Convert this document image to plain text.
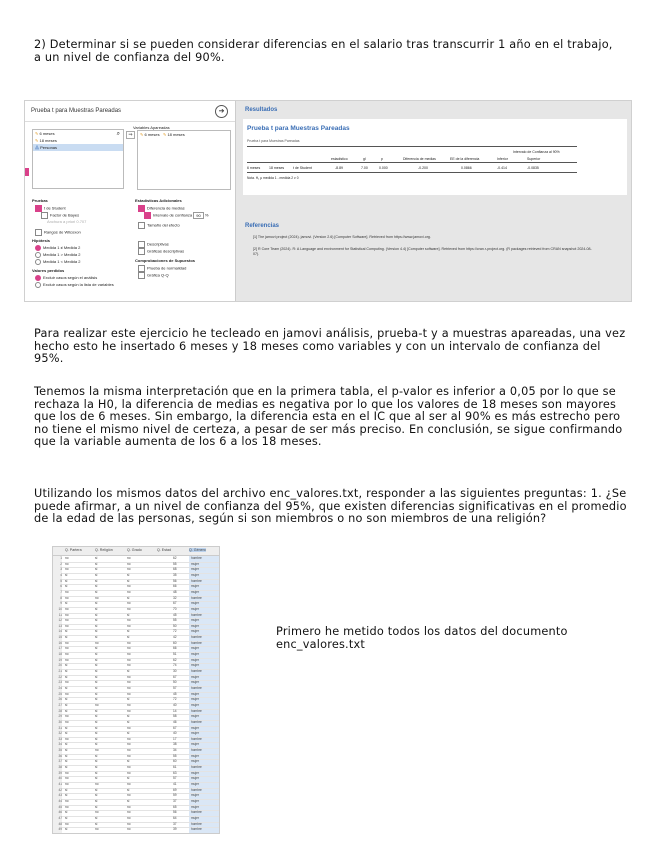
2) Determinar si se pueden considerar diferencias en el salario tras transcurrir 1 año en el trabajo, a un nivel de confianza del 90%.

Prueba t para Muestras Pareadas	➔
Variables Apareadas
✎ 6 meses
✎ 18 meses
⁂ Personas
⌕	⇒	✎ 6 meses ✎ 18 meses
Pruebas
t de Student
Factor de Bayes
Anchura a priori 0.707
Rangos de Wilcoxon
Hipótesis
Medida 1 ≠ Medida 2
Medida 1 > Medida 2
Medida 1 < Medida 2
Valores perdidos
Excluir casos según el análisis
Excluir casos según la lista de variables
Estadísticas Adicionales
Diferencia de medias
Intervalo de confianza 90 %
Tamaño del efecto
Descriptivas
Gráficas descriptivas
Comprobaciones de Supuestos
Prueba de normalidad
Gráfica Q-Q
Resultados
Prueba t para Muestras Pareadas
Prueba t para Muestras Pareadas
Intervalo de Confianza al 90%
estadístico	gl	p	Diferencia de medias	EE de la diferencia	Inferior	Superior
6 meses	18 meses	t de Student	-8.89	7.00	0.000	-0.200	0.0866	-0.414	-0.0835
Nota. H₁ μ medida 1 - medida 2 ≠ 0
Referencias
[1] The jamovi project (2024). jamovi. (Version 2.6) [Computer Software]. Retrieved from https://www.jamovi.org.
[2] R Core Team (2024). R: A Language and environment for Statistical Computing. (Version 4.4) [Computer software]. Retrieved from https://cran.r-project.org. (R packages retrieved from CRAN snapshot 2024-08-07).

Para realizar este ejercicio he tecleado en jamovi análisis, prueba-t y a muestras apareadas, una vez hecho esto he insertado 6 meses y 18 meses como variables y con un intervalo de confianza del 95%.

Tenemos la misma interpretación que en la primera tabla, el p-valor es inferior a 0,05 por lo que se rechaza la H0, la diferencia de medias es negativa por lo que los valores de 18 meses son mayores que los de 6 meses. Sin embargo, la diferencia esta en el IC que al ser al 90% es más estrecho pero no tiene el mismo nivel de certeza, a pesar de ser más preciso. En conclusión, se sigue confirmando que la variable aumenta de los 6 a los 18 meses.

Utilizando los mismos datos del archivo enc_valores.txt, responder a las siguientes preguntas: 1. ¿Se puede afirmar, a un nivel de confianza del 95%, que existen diferencias significativas en el promedio de la edad de las personas, según si son miembros o no son miembros de una religión?

Q. Partera	Q. Religión	Q. Grado	Q. Estad	Q. Género
1 no	si	no	62	hombre
2 no	si	no	55	mujer
3 no	si	no	68	mujer
4 si	si	si	35	mujer
5 si	si	si	56	hombre
6 si	si	no	66	mujer
7 no	si	no	48	mujer
8 no	no	si	32	hombre
9 si	si	no	67	mujer
10 no	si	no	70	mujer
11 no	si	si	45	hombre
12 no	si	no	55	mujer
13 no	si	no	50	mujer
14 si	si	si	72	mujer
15 si	si	si	42	hombre
16 no	no	no	60	hombre
17 no	si	no	66	mujer
18 no	si	no	51	mujer
19 no	si	no	62	mujer
20 si	si	no	74	mujer
21 si	si	si	30	hombre
22 si	si	no	67	mujer
23 no	si	no	50	mujer
24 si	si	no	57	hombre
25 no	si	no	45	mujer
26 si	si	si	72	mujer
27 si	no	no	40	mujer
28 si	si	no	14	hombre
29 no	si	si	58	mujer
30 no	si	si	46	hombre
31 si	si	no	67	mujer
32 si	si	si	40	mujer
33 no	si	no	17	hombre
34 si	si	no	38	mujer
35 si	no	no	34	hombre
36 si	si	no	55	mujer
37 si	si	si	60	mujer
38 si	si	no	61	hombre
39 no	si	no	63	mujer
40 no	si	si	57	mujer
41 no	no	no	41	mujer
42 si	si	si	69	hombre
43 si	si	no	59	mujer
44 no	si	si	37	mujer
45 no	si	no	65	mujer
46 si	no	no	56	hombre
47 si	si	no	64	mujer
48 no	si	no	37	hombre
49 si	no	no	39	hombre

Primero he metido todos los datos del documento enc_valores.txt
